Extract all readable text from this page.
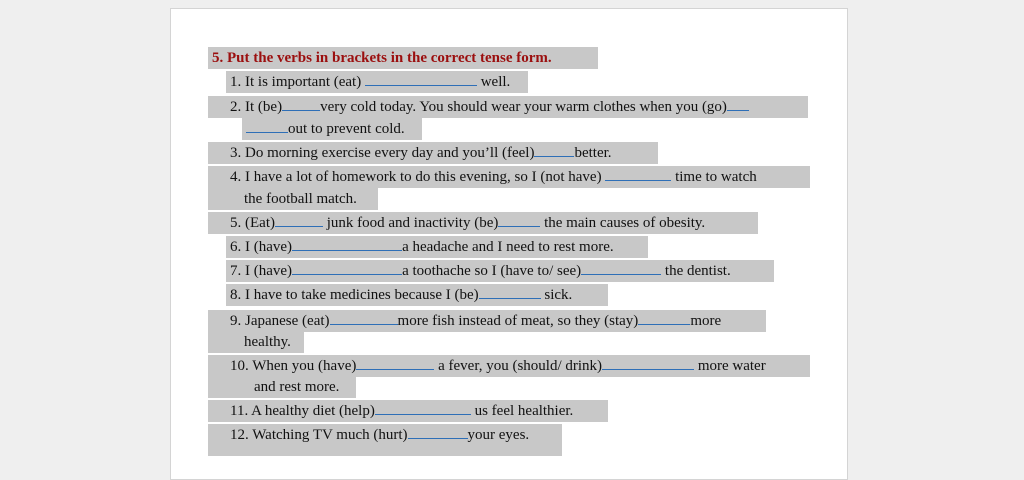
5. Put the verbs in brackets in the correct tense form.
1. It is important (eat)	well.
2. It (be)	very cold today. You should wear your warm clothes when you (go)
out to prevent cold.
3. Do morning exercise every day and you’ll (feel)	better.
4. I have a lot of homework to do this evening, so I (not have)	time to watch
the football match.
5. (Eat)	junk food and inactivity (be)	the main causes of obesity.
6. I (have)	a headache and I need to rest more.
7. I (have)	a toothache so I (have to/ see)	the dentist.
8. I have to take medicines because I (be)	sick.
9. Japanese (eat)	more fish instead of meat, so they (stay)	more
healthy.
10. When you (have)	a fever, you (should/ drink)	more water
and rest more.
11. A healthy diet (help)	us feel healthier.
12. Watching TV much (hurt)	your eyes.
